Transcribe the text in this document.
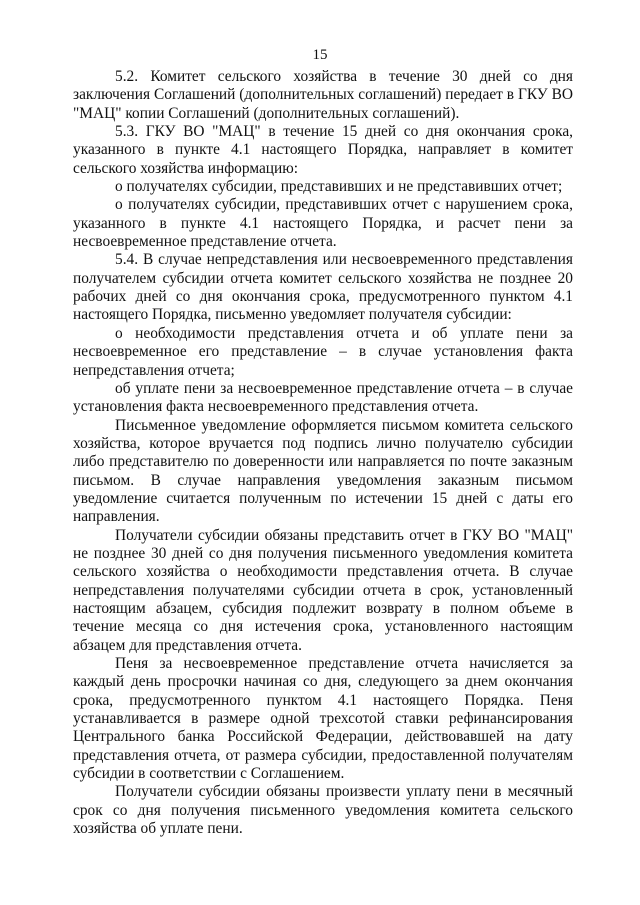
15

5.2. Комитет сельского хозяйства в течение 30 дней со дня заключения Соглашений (дополнительных соглашений) передает в ГКУ ВО "МАЦ" копии Соглашений (дополнительных соглашений).

5.3. ГКУ ВО "МАЦ" в течение 15 дней со дня окончания срока, указанного в пункте 4.1 настоящего Порядка, направляет в комитет сельского хозяйства информацию:

о получателях субсидии, представивших и не представивших отчет;

о получателях субсидии, представивших отчет с нарушением срока, указанного в пункте 4.1 настоящего Порядка, и расчет пени за несвоевременное представление отчета.

5.4. В случае непредставления или несвоевременного представления получателем субсидии отчета комитет сельского хозяйства не позднее 20 рабочих дней со дня окончания срока, предусмотренного пунктом 4.1 настоящего Порядка, письменно уведомляет получателя субсидии:

о необходимости представления отчета и об уплате пени за несвоевременное его представление – в случае установления факта непредставления отчета;

об уплате пени за несвоевременное представление отчета – в случае установления факта несвоевременного представления отчета.

Письменное уведомление оформляется письмом комитета сельского хозяйства, которое вручается под подпись лично получателю субсидии либо представителю по доверенности или направляется по почте заказным письмом. В случае направления уведомления заказным письмом уведомление считается полученным по истечении 15 дней с даты его направления.

Получатели субсидии обязаны представить отчет в ГКУ ВО "МАЦ" не позднее 30 дней со дня получения письменного уведомления комитета сельского хозяйства о необходимости представления отчета. В случае непредставления получателями субсидии отчета в срок, установленный настоящим абзацем, субсидия подлежит возврату в полном объеме в течение месяца со дня истечения срока, установленного настоящим абзацем для представления отчета.

Пеня за несвоевременное представление отчета начисляется за каждый день просрочки начиная со дня, следующего за днем окончания срока, предусмотренного пунктом 4.1 настоящего Порядка. Пеня устанавливается в размере одной трехсотой ставки рефинансирования Центрального банка Российской Федерации, действовавшей на дату представления отчета, от размера субсидии, предоставленной получателям субсидии в соответствии с Соглашением.

Получатели субсидии обязаны произвести уплату пени в месячный срок со дня получения письменного уведомления комитета сельского хозяйства об уплате пени.
